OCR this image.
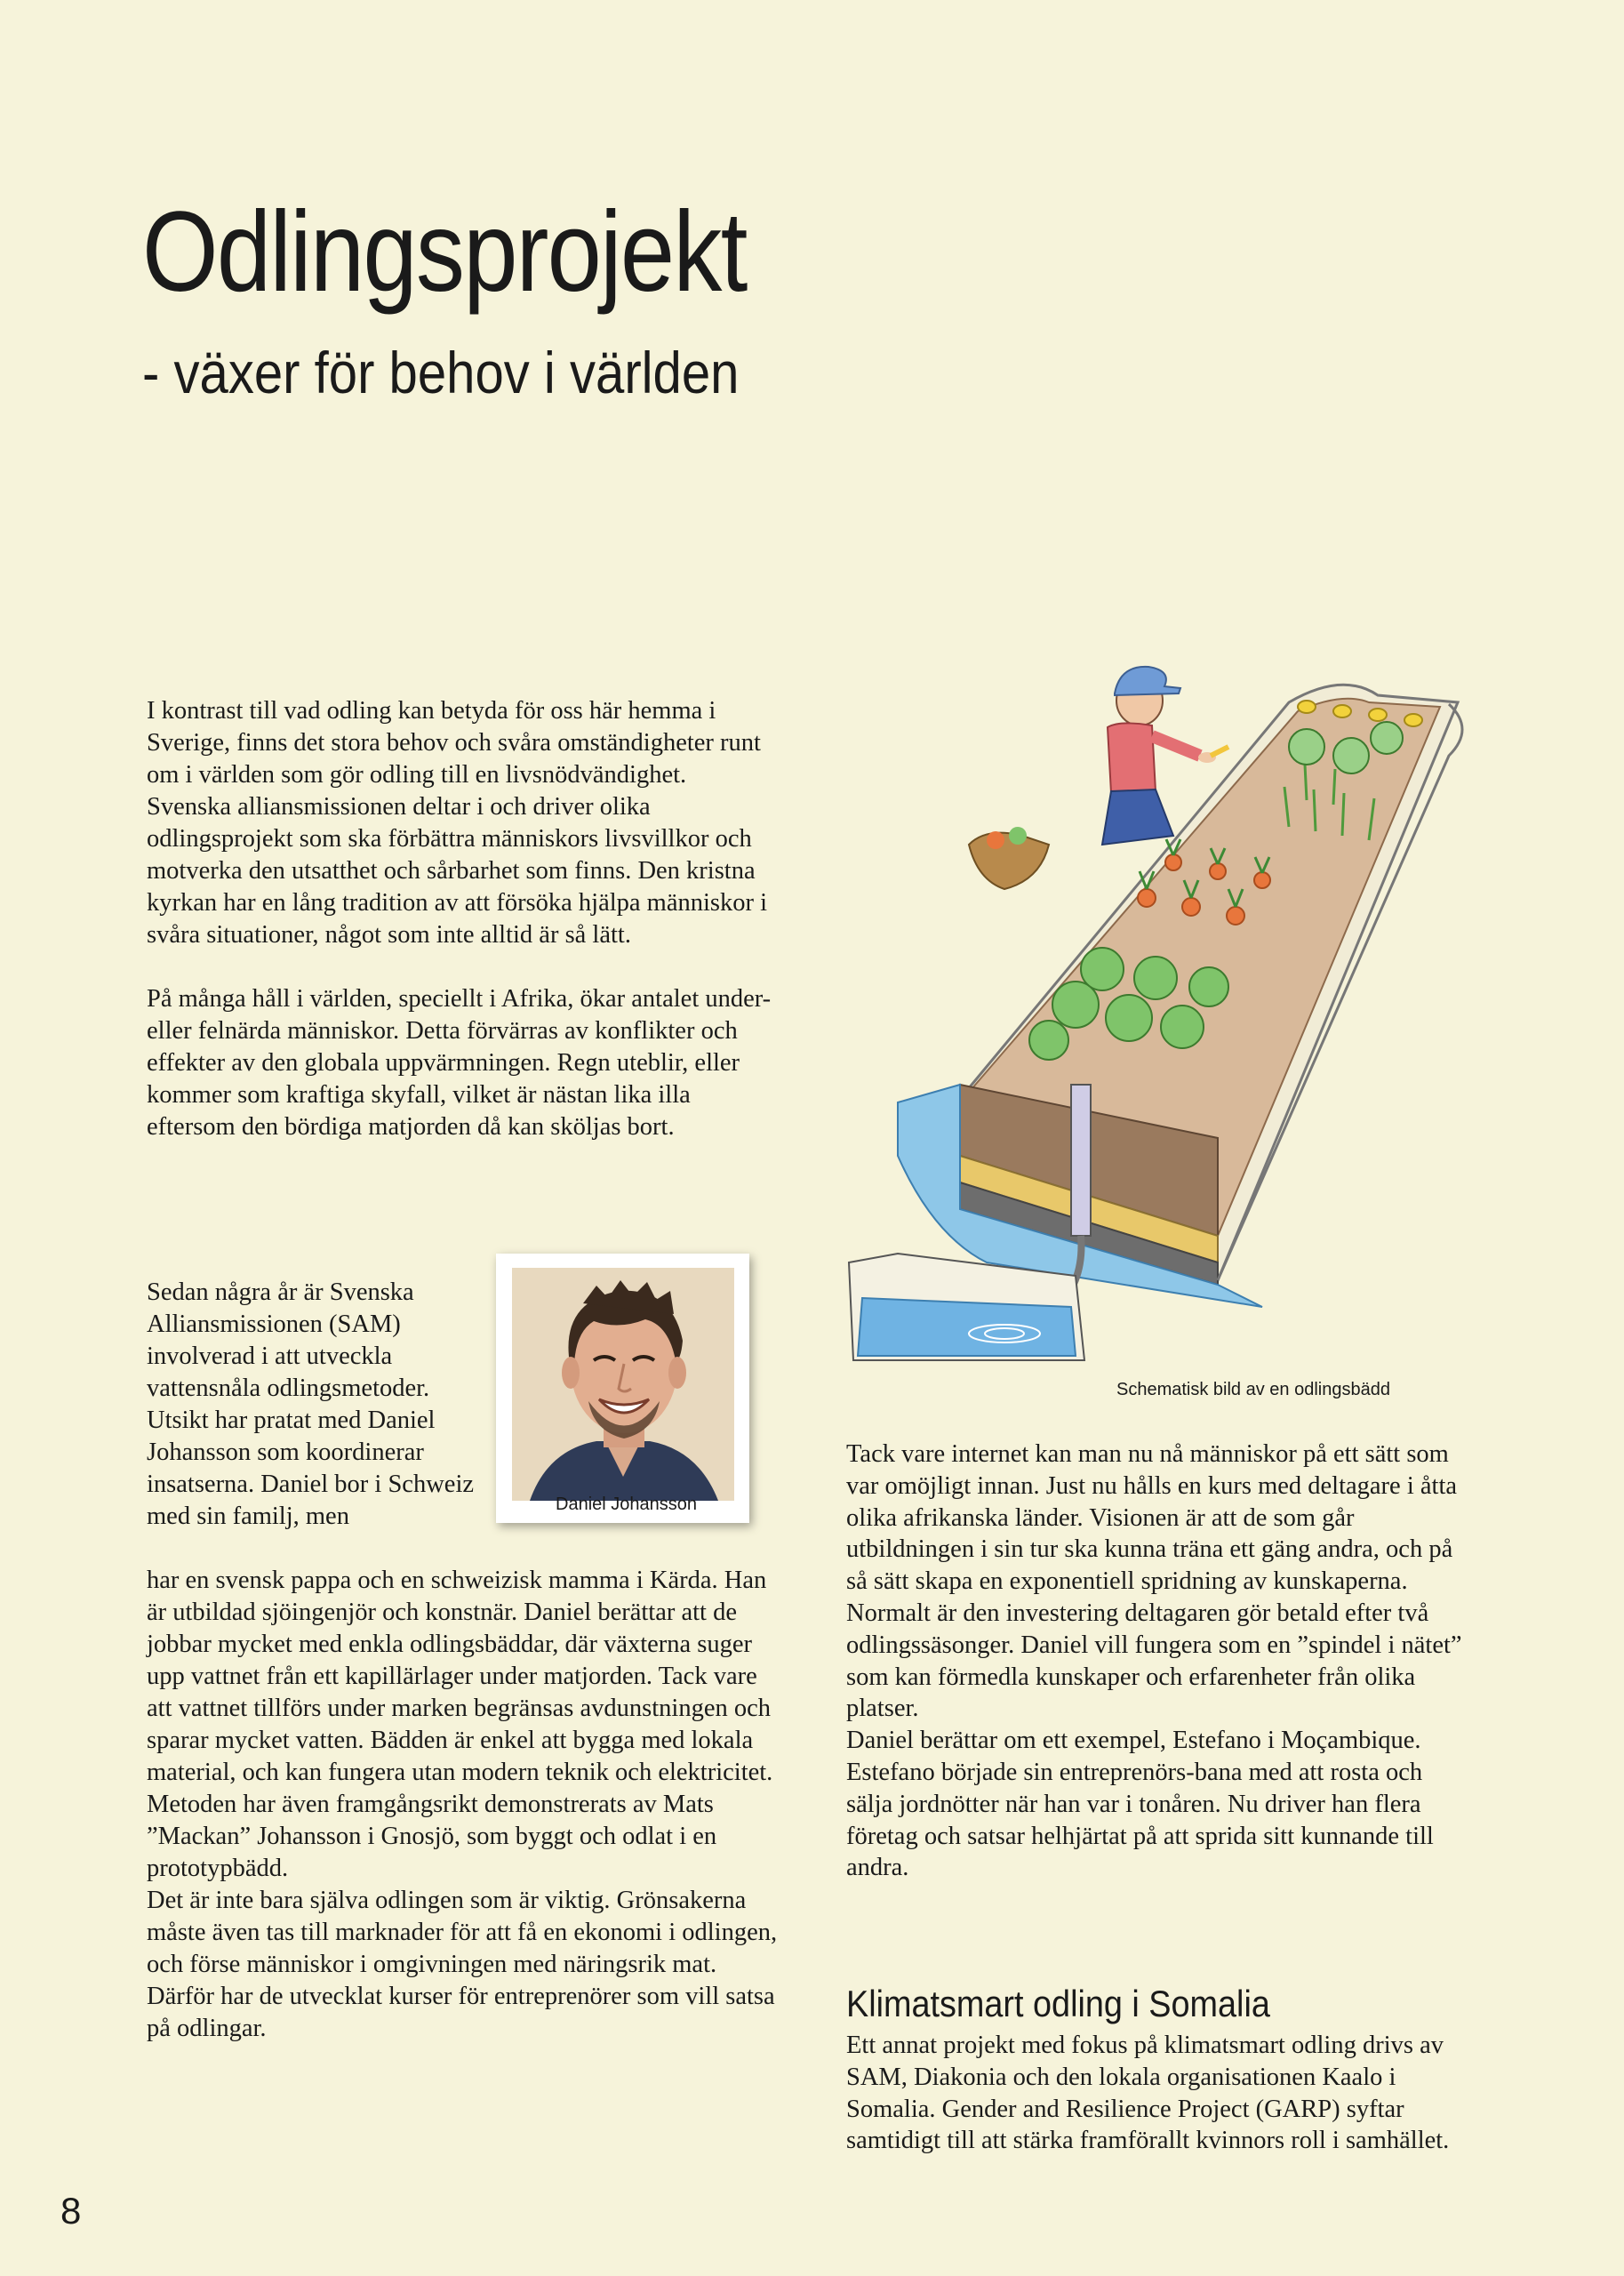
Odlingsprojekt
- växer för behov i världen

I kontrast till vad odling kan betyda för oss här hemma i Sverige, finns det stora behov och svåra omständigheter runt om i världen som gör odling till en livsnödvändighet.

Svenska alliansmissionen deltar i och driver olika odlingsprojekt som ska förbättra människors livsvillkor och motverka den utsatthet och sårbarhet som finns. Den kristna kyrkan har en lång tradition av att försöka hjälpa människor i svåra situationer, något som inte alltid är så lätt.

På många håll i världen, speciellt i Afrika, ökar antalet under- eller felnärda människor. Detta förvärras av konflikter och effekter av den globala uppvärmningen. Regn uteblir, eller kommer som kraftiga skyfall, vilket är nästan lika illa eftersom den bördiga matjorden då kan sköljas bort.

Sedan några år är Svenska Alliansmissionen (SAM) involverad i att utveckla vattensnåla odlingsmetoder. Utsikt har pratat med Daniel Johansson som koordinerar insatserna. Daniel bor i Schweiz med sin familj, men	Daniel Johansson

har en svensk pappa och en schweizisk mamma i Kärda. Han är utbildad sjöingenjör och konstnär. Daniel berättar att de jobbar mycket med enkla odlingsbäddar, där växterna suger upp vattnet från ett kapillärlager under matjorden. Tack vare att vattnet tillförs under marken begränsas avdunstningen och sparar mycket vatten. Bädden är enkel att bygga med lokala material, och kan fungera utan modern teknik och elektricitet. Metoden har även framgångsrikt demonstrerats av Mats ”Mackan” Johansson i Gnosjö, som byggt och odlat i en prototypbädd.

Det är inte bara själva odlingen som är viktig. Grönsakerna måste även tas till marknader för att få en ekonomi i odlingen, och förse människor i omgivningen med näringsrik mat. Därför har de utvecklat kurser för entreprenörer som vill satsa på odlingar.

Schematisk bild av en odlingsbädd

Tack vare internet kan man nu nå människor på ett sätt som var omöjligt innan. Just nu hålls en kurs med deltagare i åtta olika afrikanska länder. Visionen är att de som går utbildningen i sin tur ska kunna träna ett gäng andra, och på så sätt skapa en exponentiell spridning av kunskaperna. Normalt är den investering deltagaren gör betald efter två odlingssäsonger. Daniel vill fungera som en ”spindel i nätet” som kan förmedla kunskaper och erfarenheter från olika platser.

Daniel berättar om ett exempel, Estefano i Moçambique. Estefano började sin entreprenörs-bana med att rosta och sälja jordnötter när han var i tonåren. Nu driver han flera företag och satsar helhjärtat på att sprida sitt kunnande till andra.

Klimatsmart odling i Somalia

Ett annat projekt med fokus på klimatsmart odling drivs av SAM, Diakonia och den lokala organisationen Kaalo i Somalia. Gender and Resilience Project (GARP) syftar samtidigt till att stärka framförallt kvinnors roll i samhället.

8
